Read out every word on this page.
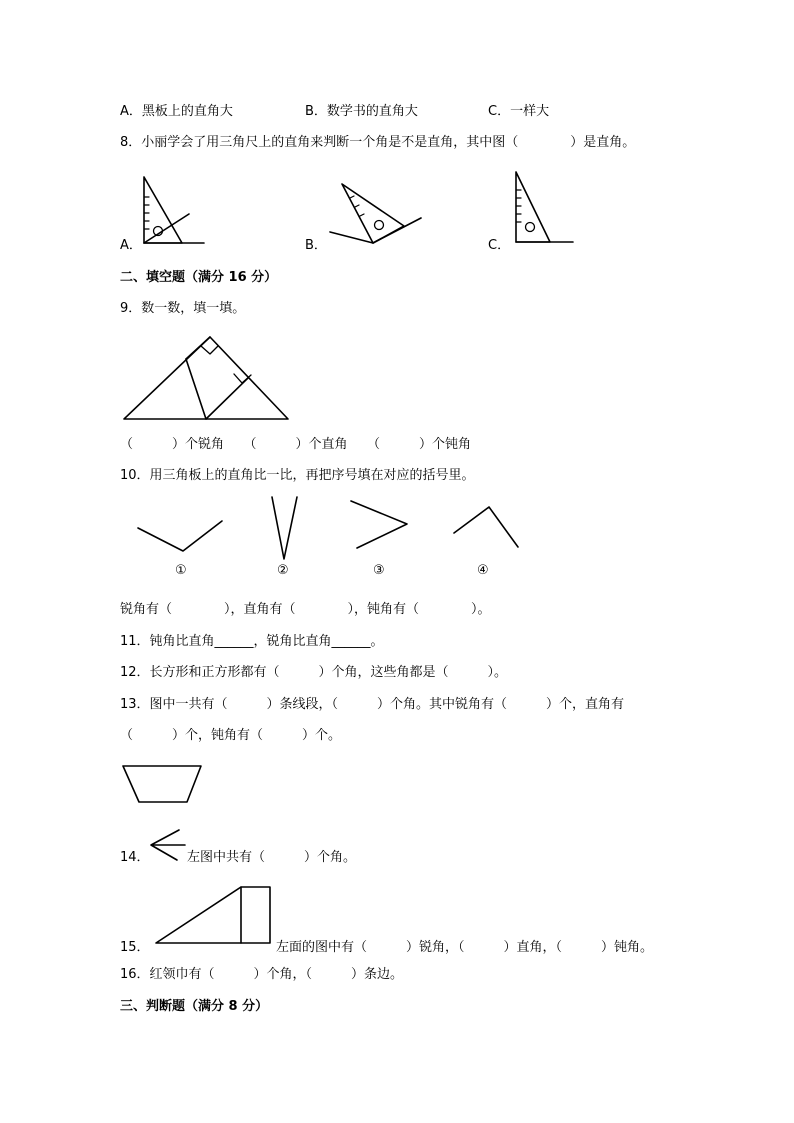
A．黑板上的直角大	B．数学书的直角大	C．一样大
8．小丽学会了用三角尺上的直角来判断一个角是不是直角，其中图（　　　　）是直角。
A．	B．	C．
二、填空题（满分 16 分）
9．数一数，填一填。
（　　　）个锐角　　（　　　）个直角　　（　　　）个钝角
10．用三角板上的直角比一比，再把序号填在对应的括号里。
①	②	③	④
锐角有（　　　　），直角有（　　　　），钝角有（　　　　）。
11．钝角比直角______，锐角比直角______。
12．长方形和正方形都有（　　　）个角，这些角都是（　　　）。
13．图中一共有（　　　）条线段，（　　　）个角。其中锐角有（　　　）个，直角有
（　　　）个，钝角有（　　　）个。
14．	左图中共有（　　　）个角。
15．	左面的图中有（　　　）锐角，（　　　）直角，（　　　）钝角。
16．红领巾有（　　　）个角，（　　　）条边。
三、判断题（满分 8 分）
